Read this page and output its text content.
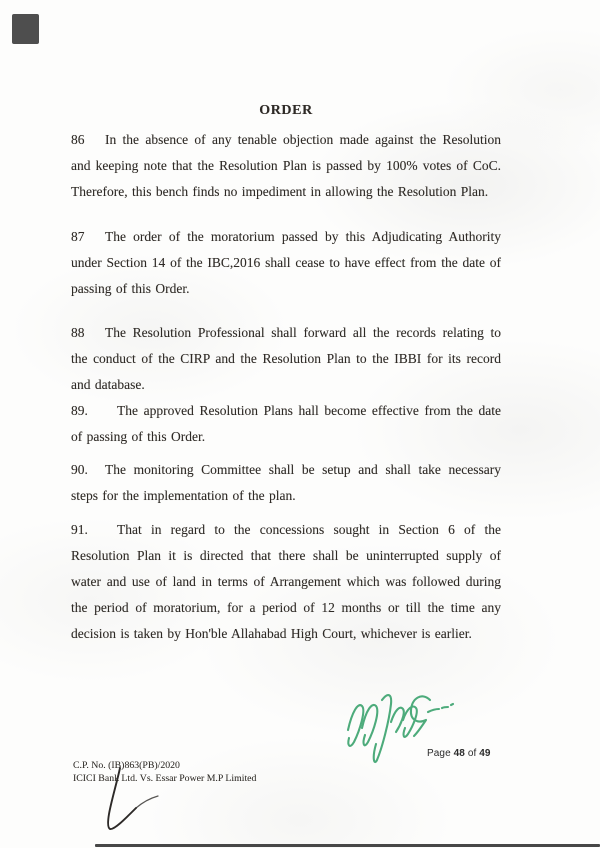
ORDER

86 In the absence of any tenable objection made against the Resolution and keeping note that the Resolution Plan is passed by 100% votes of CoC. Therefore, this bench finds no impediment in allowing the Resolution Plan.

87 The order of the moratorium passed by this Adjudicating Authority under Section 14 of the IBC,2016 shall cease to have effect from the date of passing of this Order.

88 The Resolution Professional shall forward all the records relating to the conduct of the CIRP and the Resolution Plan to the IBBI for its record and database.

89. The approved Resolution Plans hall become effective from the date of passing of this Order.

90. The monitoring Committee shall be setup and shall take necessary steps for the implementation of the plan.

91. That in regard to the concessions sought in Section 6 of the Resolution Plan it is directed that there shall be uninterrupted supply of water and use of land in terms of Arrangement which was followed during the period of moratorium, for a period of 12 months or till the time any decision is taken by Hon'ble Allahabad High Court, whichever is earlier.

Page 48 of 49
C.P. No. (IB)863(PB)/2020
ICICI Bank Ltd. Vs. Essar Power M.P Limited
